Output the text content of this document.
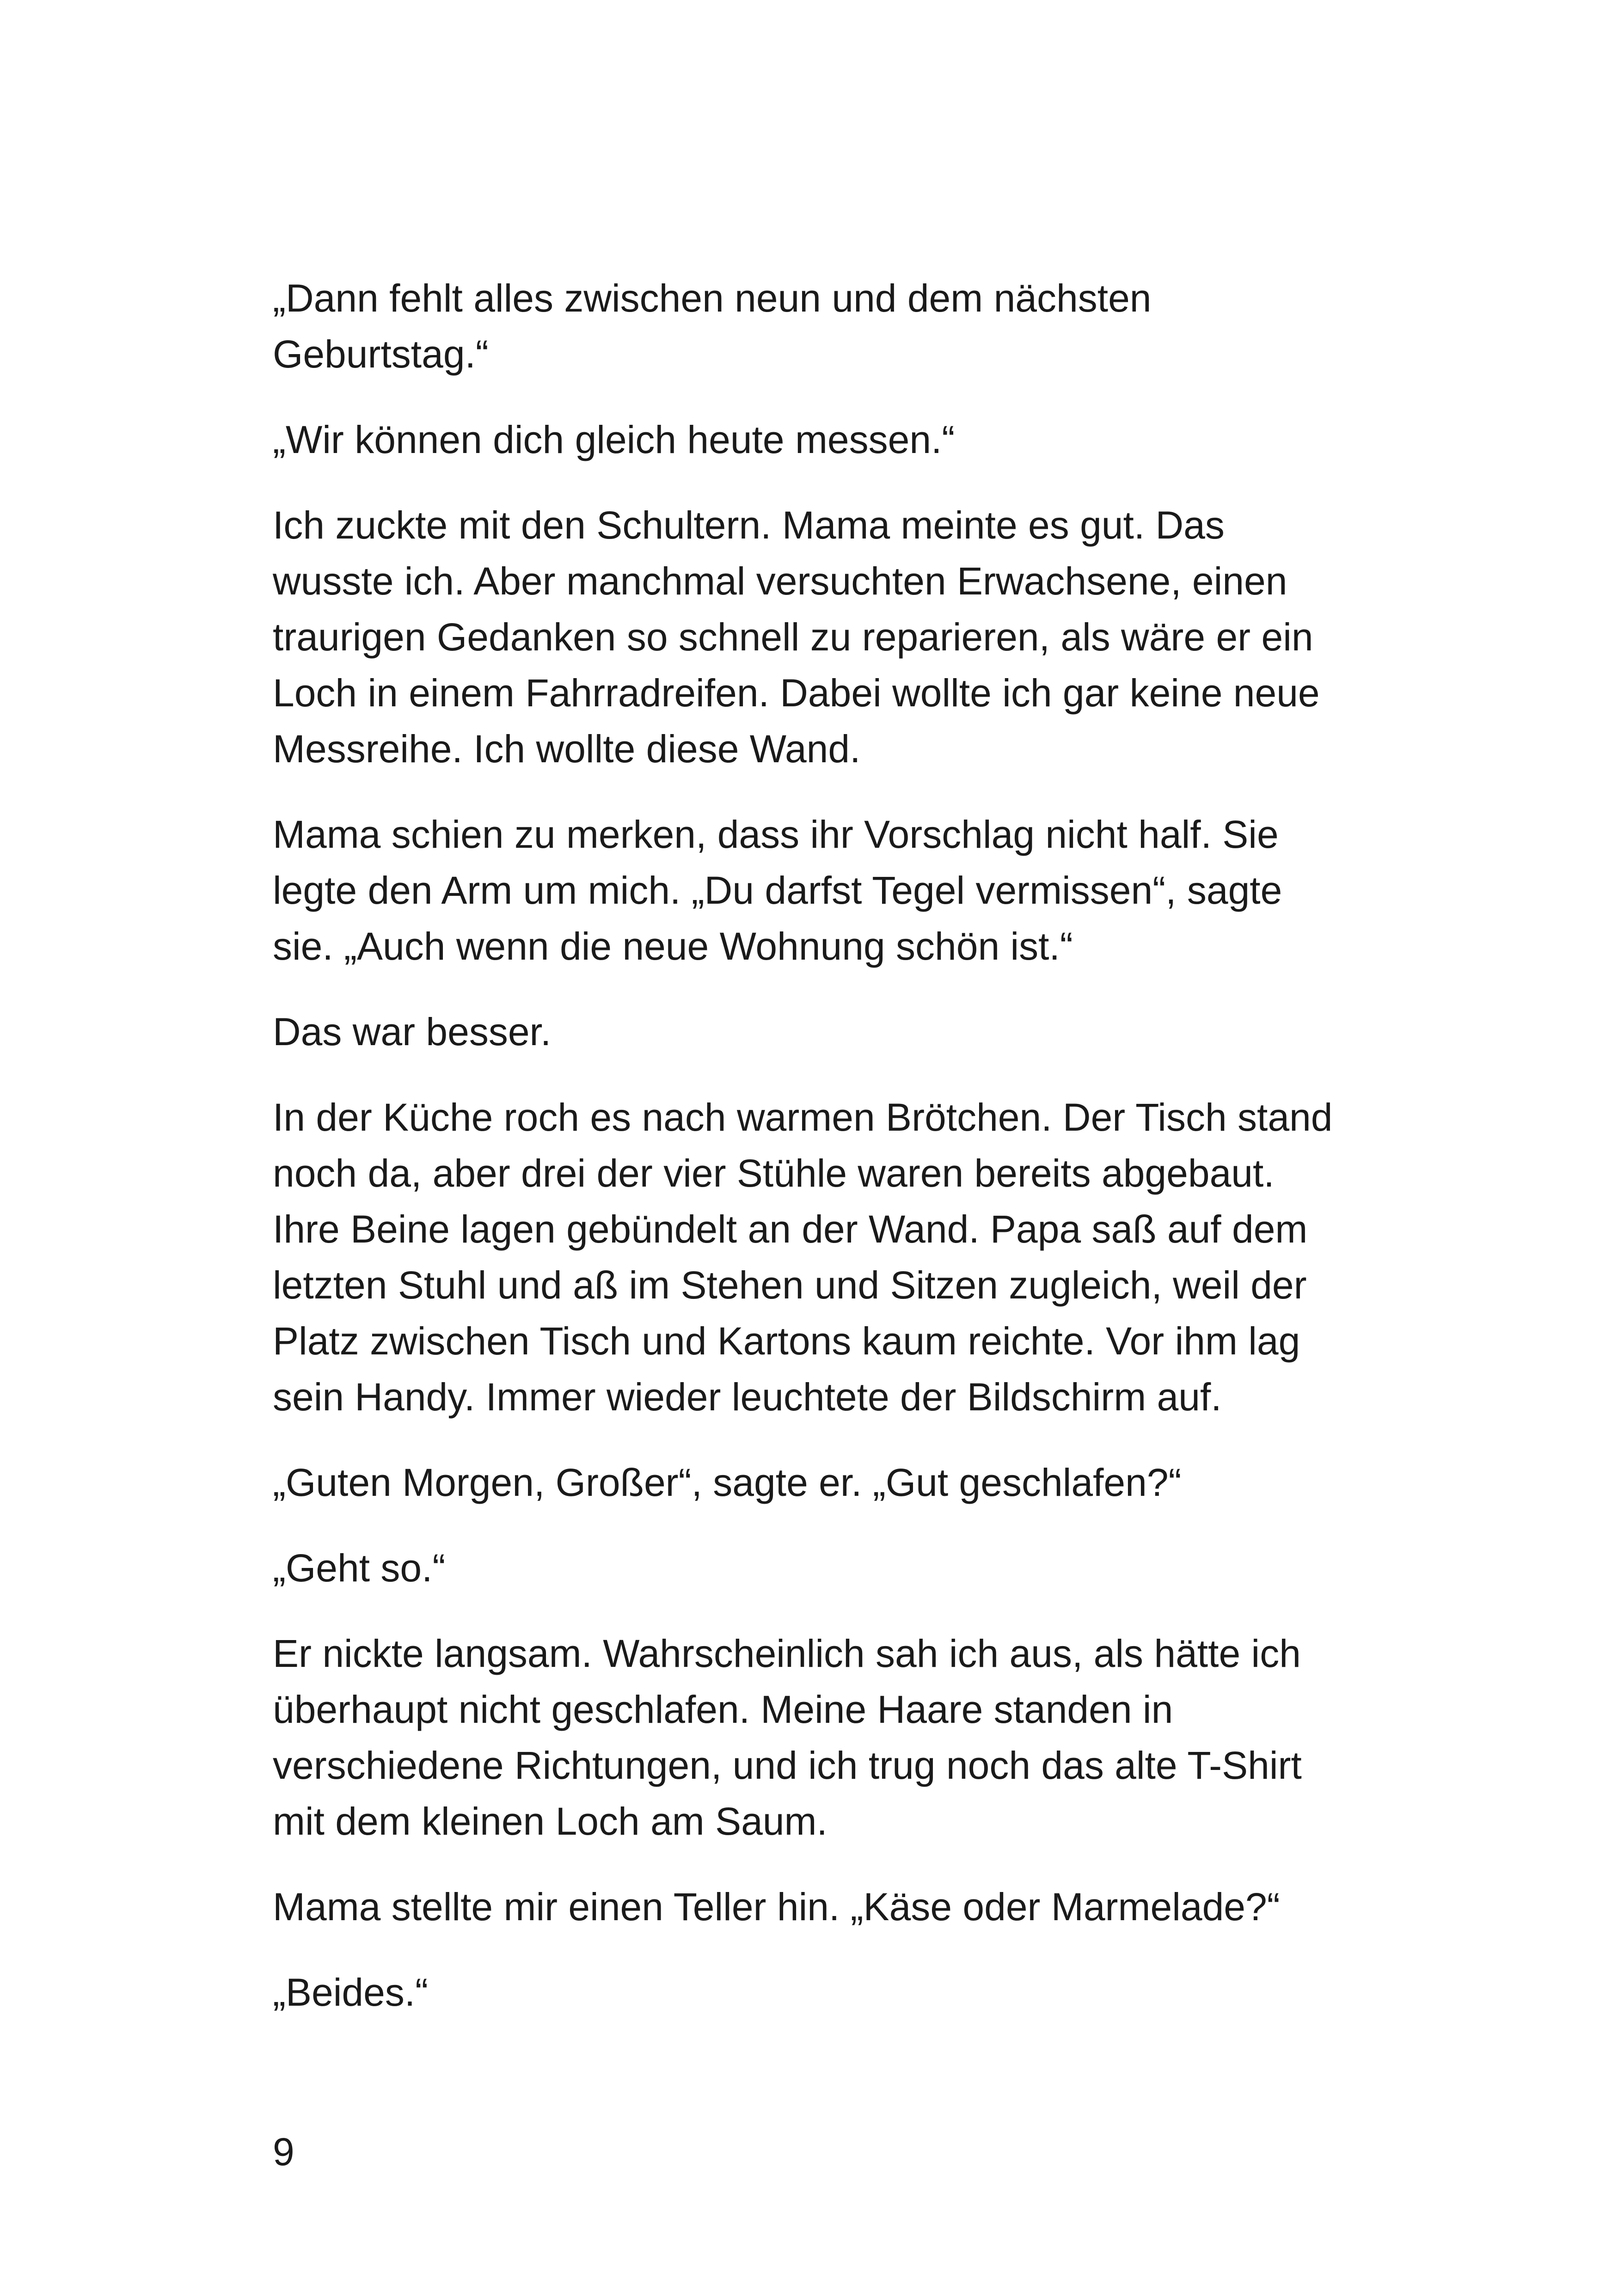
„Dann fehlt alles zwischen neun und dem nächsten
Geburtstag.“

„Wir können dich gleich heute messen.“

Ich zuckte mit den Schultern. Mama meinte es gut. Das
wusste ich. Aber manchmal versuchten Erwachsene, einen
traurigen Gedanken so schnell zu reparieren, als wäre er ein
Loch in einem Fahrradreifen. Dabei wollte ich gar keine neue
Messreihe. Ich wollte diese Wand.

Mama schien zu merken, dass ihr Vorschlag nicht half. Sie
legte den Arm um mich. „Du darfst Tegel vermissen“, sagte
sie. „Auch wenn die neue Wohnung schön ist.“

Das war besser.

In der Küche roch es nach warmen Brötchen. Der Tisch stand
noch da, aber drei der vier Stühle waren bereits abgebaut.
Ihre Beine lagen gebündelt an der Wand. Papa saß auf dem
letzten Stuhl und aß im Stehen und Sitzen zugleich, weil der
Platz zwischen Tisch und Kartons kaum reichte. Vor ihm lag
sein Handy. Immer wieder leuchtete der Bildschirm auf.

„Guten Morgen, Großer“, sagte er. „Gut geschlafen?“

„Geht so.“

Er nickte langsam. Wahrscheinlich sah ich aus, als hätte ich
überhaupt nicht geschlafen. Meine Haare standen in
verschiedene Richtungen, und ich trug noch das alte T-Shirt
mit dem kleinen Loch am Saum.

Mama stellte mir einen Teller hin. „Käse oder Marmelade?“

„Beides.“

9
